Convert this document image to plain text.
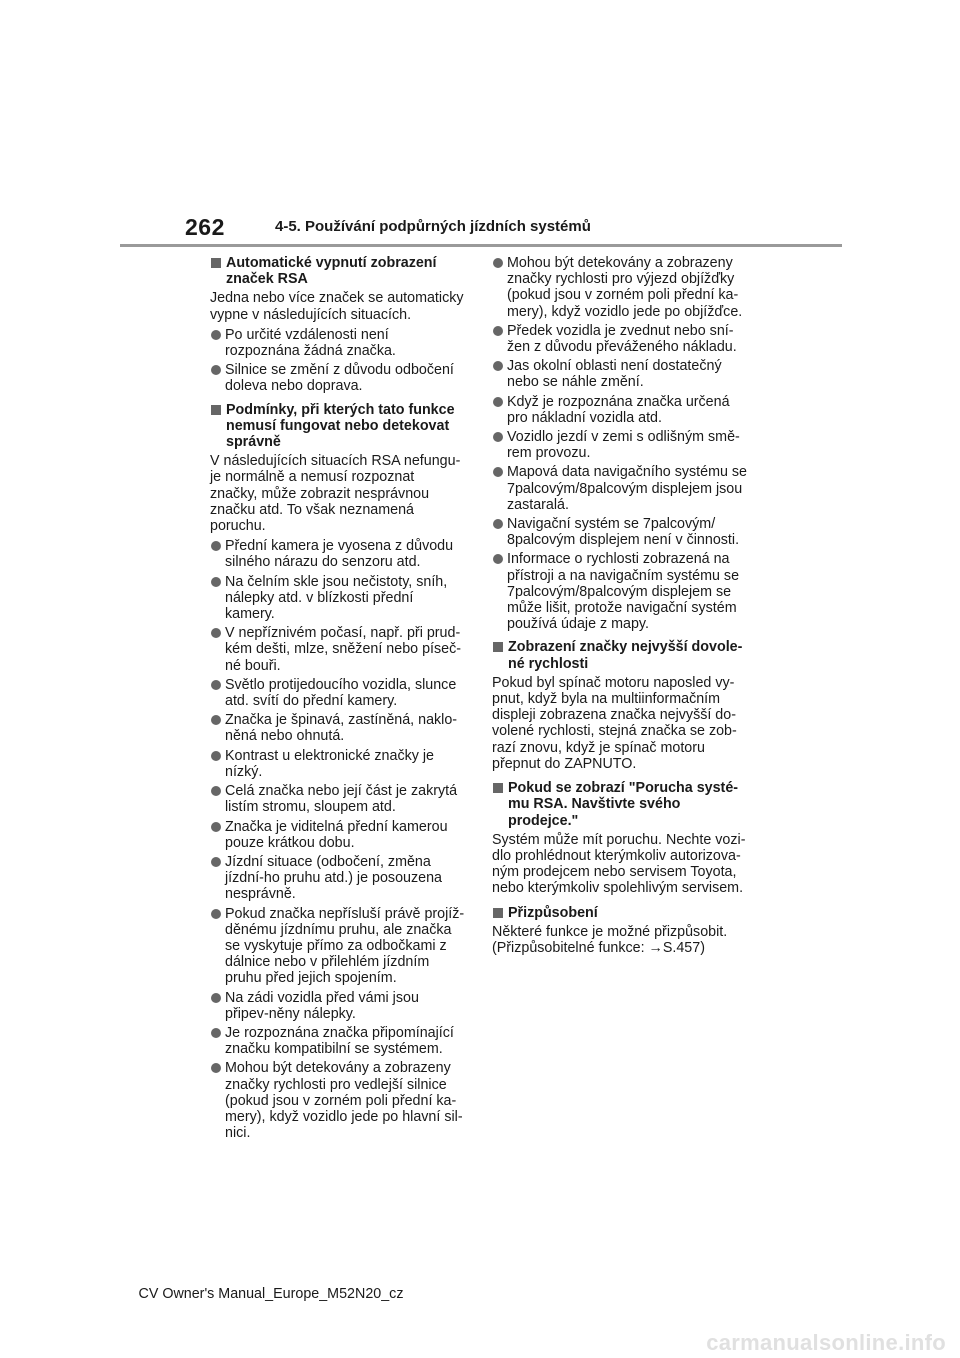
262	4-5. Používání podpůrných jízdních systémů
Automatické vypnutí zobrazení značek RSA
Jedna nebo více značek se automaticky vypne v následujících situacích.
Po určité vzdálenosti není rozpoznána žádná značka.
Silnice se změní z důvodu odbočení doleva nebo doprava.
Podmínky, při kterých tato funkce nemusí fungovat nebo detekovat správně
V následujících situacích RSA nefungu-je normálně a nemusí rozpoznat značky, může zobrazit nesprávnou značku atd. To však neznamená poruchu.
Přední kamera je vyosena z důvodu silného nárazu do senzoru atd.
Na čelním skle jsou nečistoty, sníh, nálepky atd. v blízkosti přední kamery.
V nepříznivém počasí, např. při prud-kém dešti, mlze, sněžení nebo píseč-né bouři.
Světlo protijedoucího vozidla, slunce atd. svítí do přední kamery.
Značka je špinavá, zastíněná, naklo-něná nebo ohnutá.
Kontrast u elektronické značky je nízký.
Celá značka nebo její část je zakrytá listím stromu, sloupem atd.
Značka je viditelná přední kamerou pouze krátkou dobu.
Jízdní situace (odbočení, změna jízdní-ho pruhu atd.) je posouzena nesprávně.
Pokud značka nepřísluší právě projíž-děnému jízdnímu pruhu, ale značka se vyskytuje přímo za odbočkami z dálnice nebo v přilehlém jízdním pruhu před jejich spojením.
Na zádi vozidla před vámi jsou připev-něny nálepky.
Je rozpoznána značka připomínající značku kompatibilní se systémem.
Mohou být detekovány a zobrazeny značky rychlosti pro vedlejší silnice (pokud jsou v zorném poli přední ka-mery), když vozidlo jede po hlavní sil-nici.
Mohou být detekovány a zobrazeny značky rychlosti pro výjezd objížďky (pokud jsou v zorném poli přední ka-mery), když vozidlo jede po objížďce.
Předek vozidla je zvednut nebo sní-žen z důvodu převáženého nákladu.
Jas okolní oblasti není dostatečný nebo se náhle změní.
Když je rozpoznána značka určená pro nákladní vozidla atd.
Vozidlo jezdí v zemi s odlišným smě-rem provozu.
Mapová data navigačního systému se 7palcovým/8palcovým displejem jsou zastaralá.
Navigační systém se 7palcovým/ 8palcovým displejem není v činnosti.
Informace o rychlosti zobrazená na přístroji a na navigačním systému se 7palcovým/8palcovým displejem se může lišit, protože navigační systém používá údaje z mapy.
Zobrazení značky nejvyšší dovole-né rychlosti
Pokud byl spínač motoru naposled vy-pnut, když byla na multiinformačním displeji zobrazena značka nejvyšší do-volené rychlosti, stejná značka se zob-razí znovu, když je spínač motoru přepnut do ZAPNUTO.
Pokud se zobrazí "Porucha systé-mu RSA. Navštivte svého prodejce."
Systém může mít poruchu. Nechte vozi-dlo prohlédnout kterýmkoliv autorizova-ným prodejcem nebo servisem Toyota, nebo kterýmkoliv spolehlivým servisem.
Přizpůsobení
Některé funkce je možné přizpůsobit. (Přizpůsobitelné funkce: →S.457)
CV Owner's Manual_Europe_M52N20_cz
carmanualsonline.info
